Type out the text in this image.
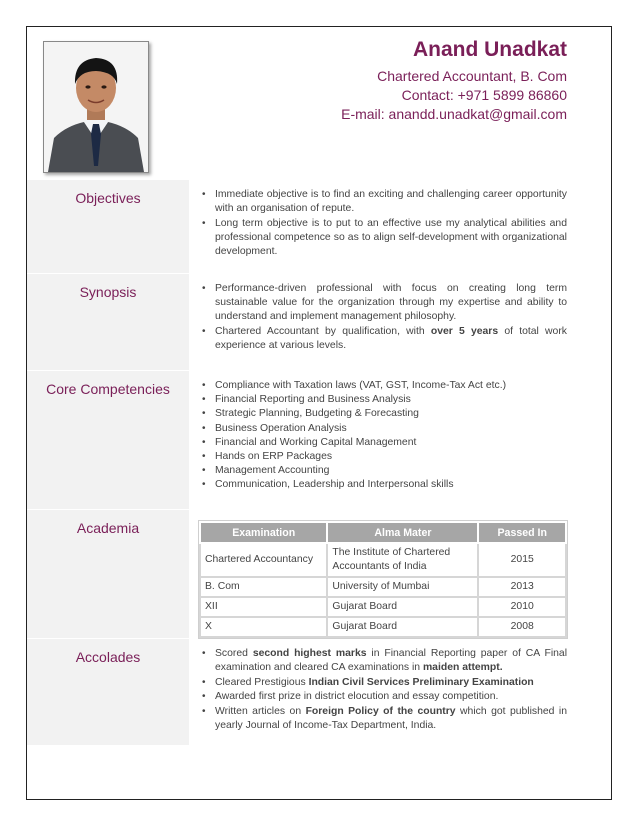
Anand Unadkat
Chartered Accountant, B. Com
Contact: +971 5899 86860
E-mail: anandd.unadkat@gmail.com
Objectives	• Immediate objective is to find an exciting and challenging career opportunity with an organisation of repute.
• Long term objective is to put to an effective use my analytical abilities and professional competence so as to align self-development with organizational development.
Synopsis	• Performance-driven professional with focus on creating long term sustainable value for the organization through my expertise and ability to understand and implement management philosophy.
• Chartered Accountant by qualification, with over 5 years of total work experience at various levels.
Core Competencies	• Compliance with Taxation laws (VAT, GST, Income-Tax Act etc.)
• Financial Reporting and Business Analysis
• Strategic Planning, Budgeting & Forecasting
• Business Operation Analysis
• Financial and Working Capital Management
• Hands on ERP Packages
• Management Accounting
• Communication, Leadership and Interpersonal skills
Academia	Examination	Alma Mater	Passed In
Chartered Accountancy	The Institute of Chartered Accountants of India	2015
B. Com	University of Mumbai	2013
XII	Gujarat Board	2010
X	Gujarat Board	2008
Accolades	• Scored second highest marks in Financial Reporting paper of CA Final examination and cleared CA examinations in maiden attempt.
• Cleared Prestigious Indian Civil Services Preliminary Examination
• Awarded first prize in district elocution and essay competition.
• Written articles on Foreign Policy of the country which got published in yearly Journal of Income-Tax Department, India.
